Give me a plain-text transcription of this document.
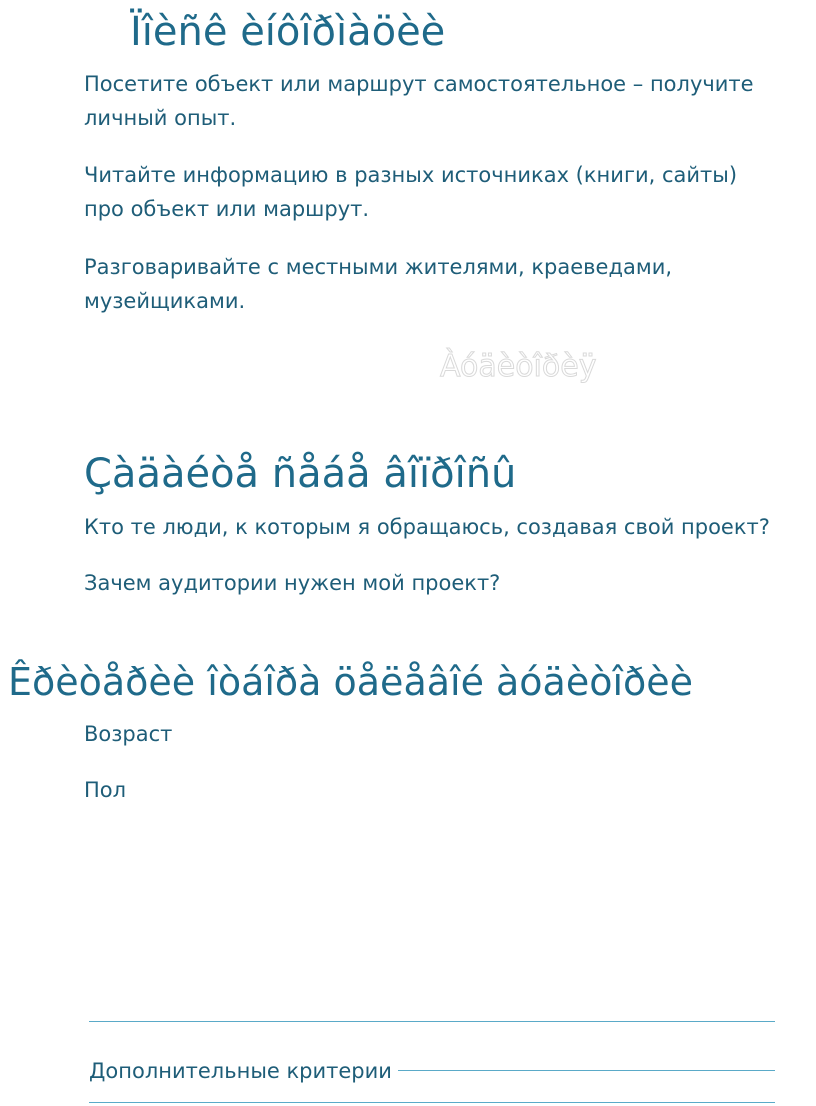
Ïîèñê èíôîðìàöèè
Посетите объект или маршрут самостоятельное – получите личный опыт.
Читайте информацию в разных источниках (книги, сайты) про объект или маршрут.
Разговаривайте с местными жителями, краеведами, музейщиками.
Àóäèòîðèÿ
Çàäàéòå ñåáå âîïðîñû
Кто те люди, к которым я обращаюсь, создавая свой проект?
Зачем аудитории нужен мой проект?
Êðèòåðèè îòáîðà öåëåâîé àóäèòîðèè
Возраст
Пол
Дополнительные критерии
